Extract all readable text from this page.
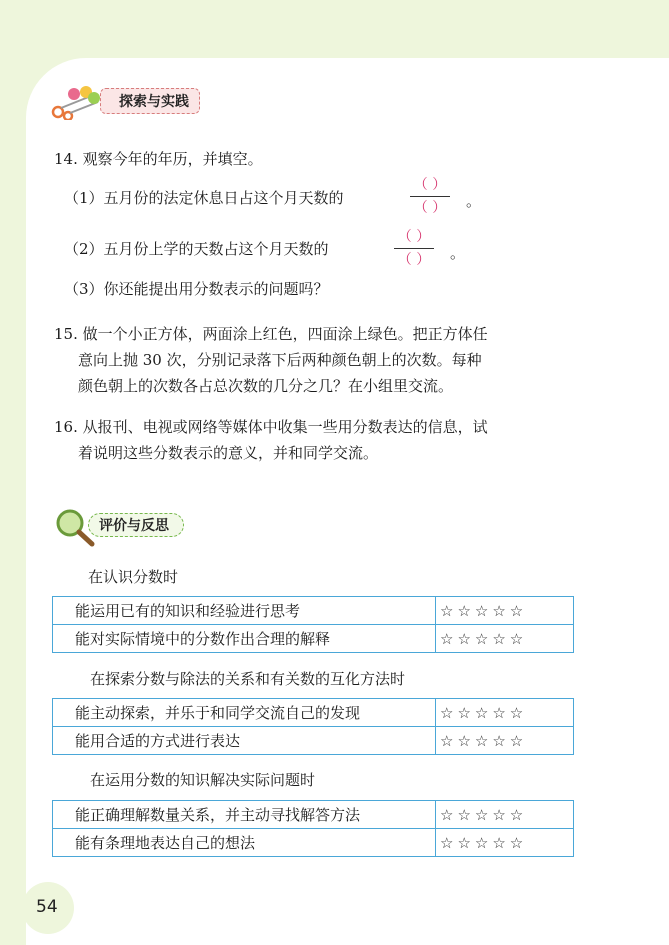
探索与实践
14. 观察今年的年历，并填空。
（1）五月份的法定休息日占这个月天数的
（ ）
（ ） 。
（2）五月份上学的天数占这个月天数的
（ ）
（ ） 。
（3）你还能提出用分数表示的问题吗？
15. 做一个小正方体，两面涂上红色，四面涂上绿色。把正方体任
意向上抛 30 次，分别记录落下后两种颜色朝上的次数。每种
颜色朝上的次数各占总次数的几分之几？在小组里交流。
16. 从报刊、电视或网络等媒体中收集一些用分数表达的信息，试
着说明这些分数表示的意义，并和同学交流。
评价与反思
在认识分数时
能运用已有的知识和经验进行思考	☆☆☆☆☆
能对实际情境中的分数作出合理的解释	☆☆☆☆☆
在探索分数与除法的关系和有关数的互化方法时
能主动探索，并乐于和同学交流自己的发现	☆☆☆☆☆
能用合适的方式进行表达	☆☆☆☆☆
在运用分数的知识解决实际问题时
能正确理解数量关系，并主动寻找解答方法	☆☆☆☆☆
能有条理地表达自己的想法	☆☆☆☆☆
54
